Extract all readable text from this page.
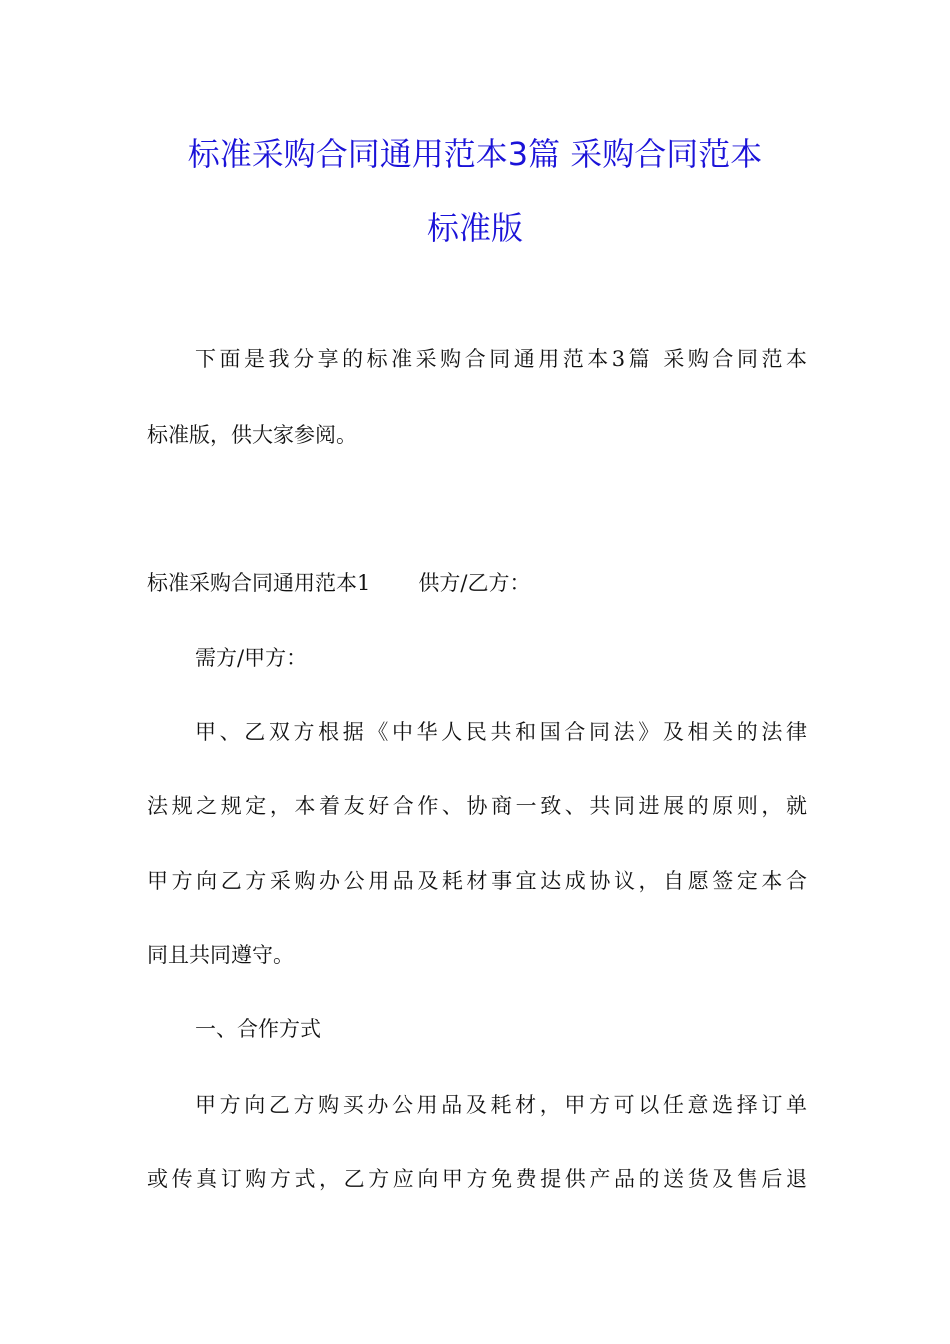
标准采购合同通用范本3篇 采购合同范本
标准版
下面是我分享的标准采购合同通用范本3篇 采购合同范本
标准版，供大家参阅。
标准采购合同通用范本1 供方/乙方：
需方/甲方：
甲、乙双方根据《中华人民共和国合同法》及相关的法律
法规之规定，本着友好合作、协商一致、共同进展的原则，就
甲方向乙方采购办公用品及耗材事宜达成协议，自愿签定本合
同且共同遵守。
一、合作方式
甲方向乙方购买办公用品及耗材，甲方可以任意选择订单
或传真订购方式，乙方应向甲方免费提供产品的送货及售后退
